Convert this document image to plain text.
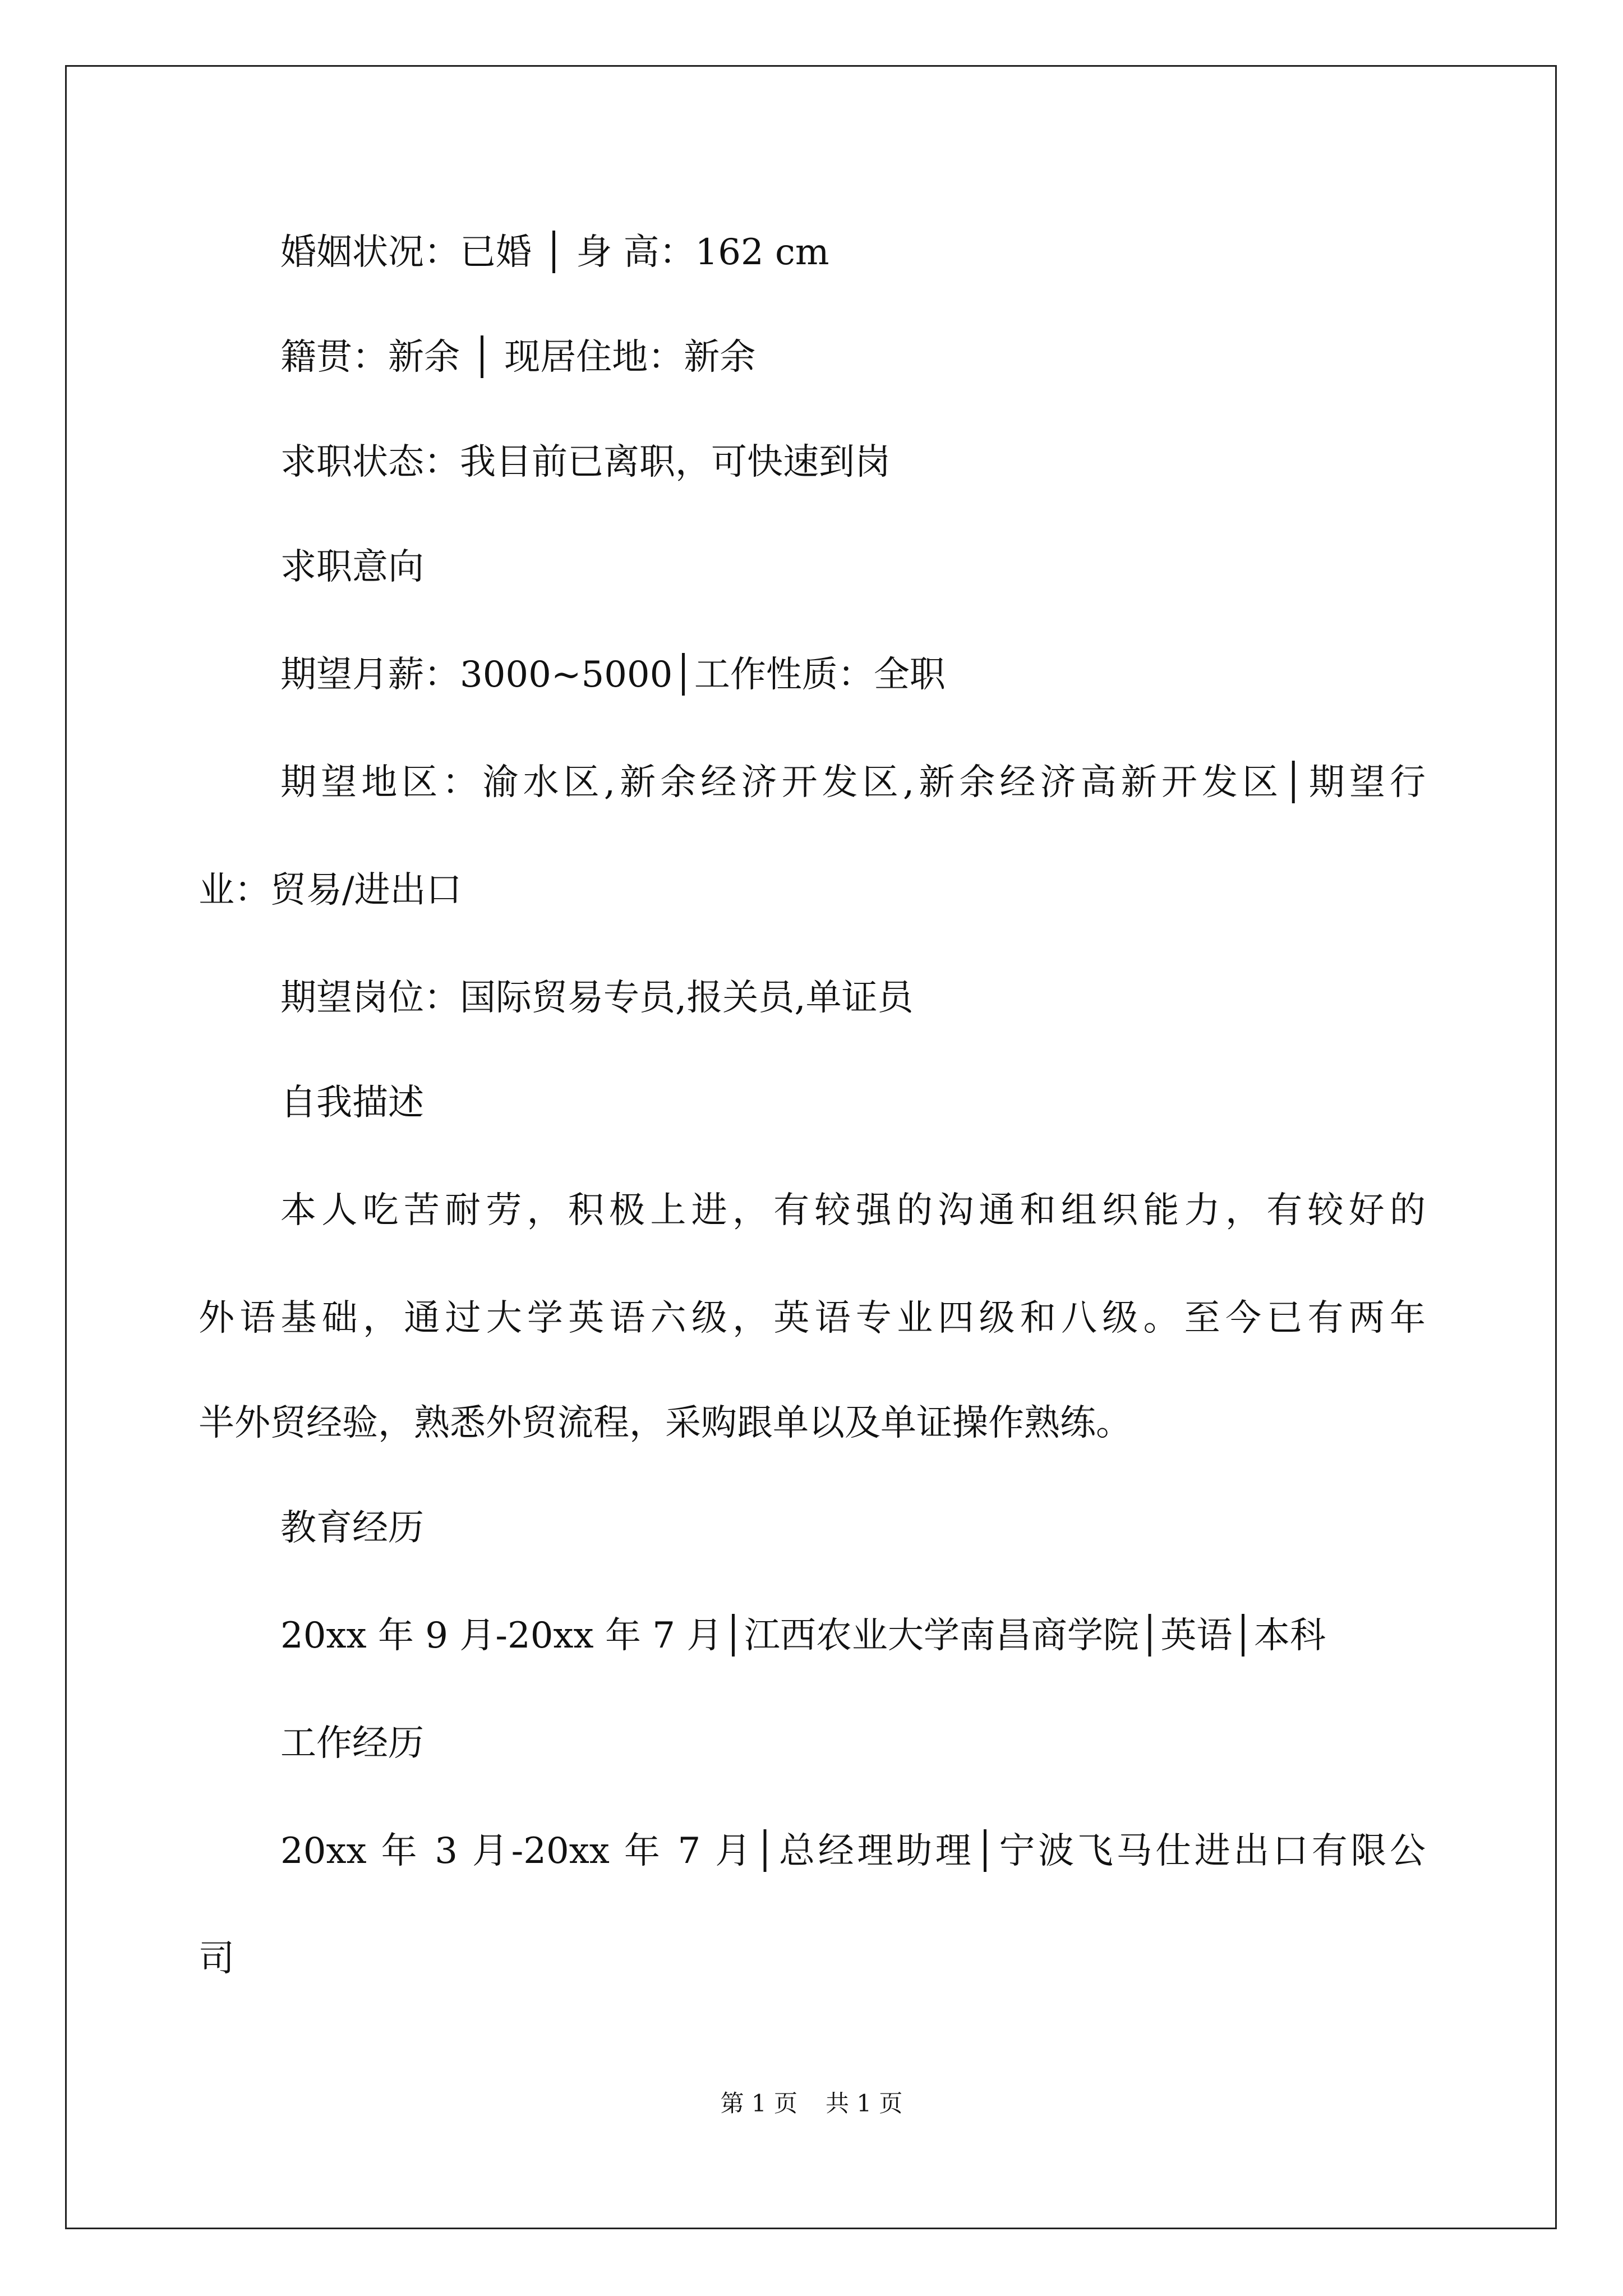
婚姻状况：已婚 │ 身 高：162 cm
籍贯：新余 │ 现居住地：新余
求职状态：我目前已离职，可快速到岗
求职意向
期望月薪：3000~5000│工作性质：全职
期望地区：渝水区,新余经济开发区,新余经济高新开发区│期望行
业：贸易/进出口
期望岗位：国际贸易专员,报关员,单证员
自我描述
本人吃苦耐劳，积极上进，有较强的沟通和组织能力，有较好的
外语基础，通过大学英语六级，英语专业四级和八级。至今已有两年
半外贸经验，熟悉外贸流程，采购跟单以及单证操作熟练。
教育经历
20xx 年 9 月-20xx 年 7 月│江西农业大学南昌商学院│英语│本科
工作经历
20xx 年 3 月-20xx 年 7 月│总经理助理│宁波飞马仕进出口有限公
司
第 1 页 共 1 页
